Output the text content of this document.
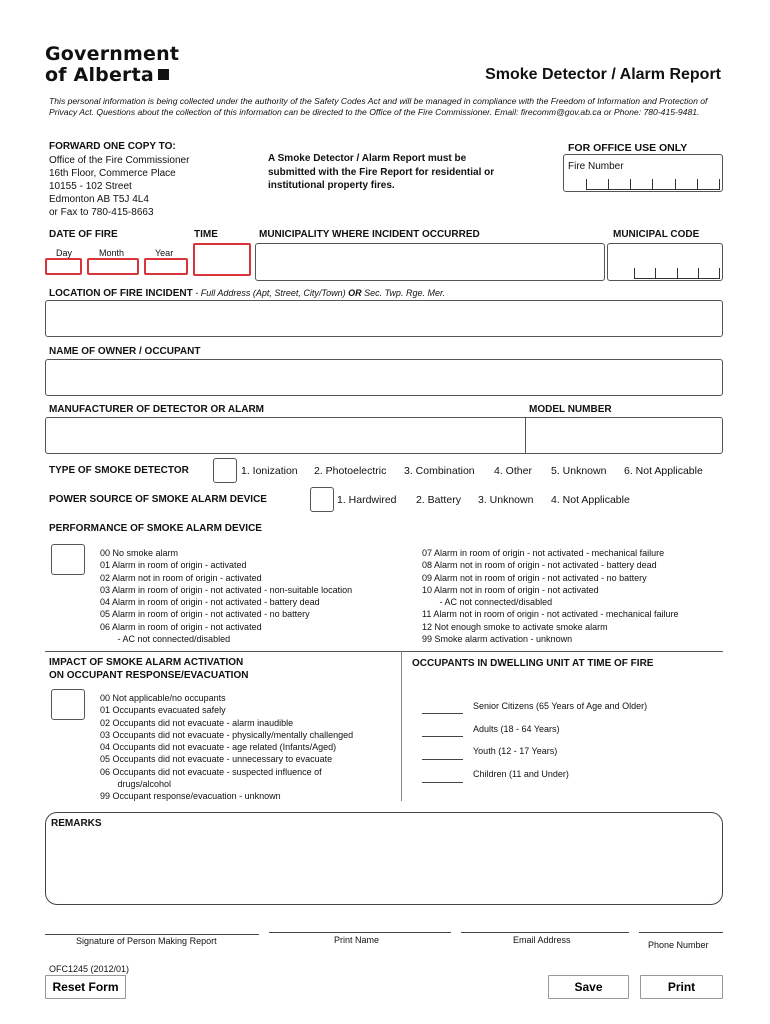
Government
of Alberta	Smoke Detector / Alarm Report
This personal information is being collected under the authority of the Safety Codes Act and will be managed in compliance with the Freedom of Information and Protection of Privacy Act. Questions about the collection of this information can be directed to the Office of the Fire Commissioner. Email: firecomm@gov.ab.ca or Phone: 780-415-9481.
FORWARD ONE COPY TO:
Office of the Fire Commissioner
16th Floor, Commerce Place
10155 - 102 Street
Edmonton AB T5J 4L4
or Fax to 780-415-8663
A Smoke Detector / Alarm Report must be submitted with the Fire Report for residential or institutional property fires.
FOR OFFICE USE ONLY
Fire Number
DATE OF FIRE	TIME	MUNICIPALITY WHERE INCIDENT OCCURRED	MUNICIPAL CODE
Day	Month	Year
LOCATION OF FIRE INCIDENT - Full Address (Apt, Street, City/Town) OR Sec. Twp. Rge. Mer.
NAME OF OWNER / OCCUPANT
MANUFACTURER OF DETECTOR OR ALARM	MODEL NUMBER
TYPE OF SMOKE DETECTOR	1. Ionization 2. Photoelectric 3. Combination 4. Other 5. Unknown 6. Not Applicable
POWER SOURCE OF SMOKE ALARM DEVICE	1. Hardwired 2. Battery 3. Unknown 4. Not Applicable
PERFORMANCE OF SMOKE ALARM DEVICE
00 No smoke alarm
01 Alarm in room of origin - activated
02 Alarm not in room of origin - activated
03 Alarm in room of origin - not activated - non-suitable location
04 Alarm in room of origin - not activated - battery dead
05 Alarm in room of origin - not activated - no battery
06 Alarm in room of origin - not activated
- AC not connected/disabled
07 Alarm in room of origin - not activated - mechanical failure
08 Alarm not in room of origin - not activated - battery dead
09 Alarm not in room of origin - not activated - no battery
10 Alarm not in room of origin - not activated
- AC not connected/disabled
11 Alarm not in room of origin - not activated - mechanical failure
12 Not enough smoke to activate smoke alarm
99 Smoke alarm activation - unknown
IMPACT OF SMOKE ALARM ACTIVATION
ON OCCUPANT RESPONSE/EVACUATION
00 Not applicable/no occupants
01 Occupants evacuated safely
02 Occupants did not evacuate - alarm inaudible
03 Occupants did not evacuate - physically/mentally challenged
04 Occupants did not evacuate - age related (Infants/Aged)
05 Occupants did not evacuate - unnecessary to evacuate
06 Occupants did not evacuate - suspected influence of
drugs/alcohol
99 Occupant response/evacuation - unknown
OCCUPANTS IN DWELLING UNIT AT TIME OF FIRE
Senior Citizens (65 Years of Age and Older)
Adults (18 - 64 Years)
Youth (12 - 17 Years)
Children (11 and Under)
REMARKS
Signature of Person Making Report	Print Name	Email Address	Phone Number
OFC1245 (2012/01)
Reset Form	Save	Print
